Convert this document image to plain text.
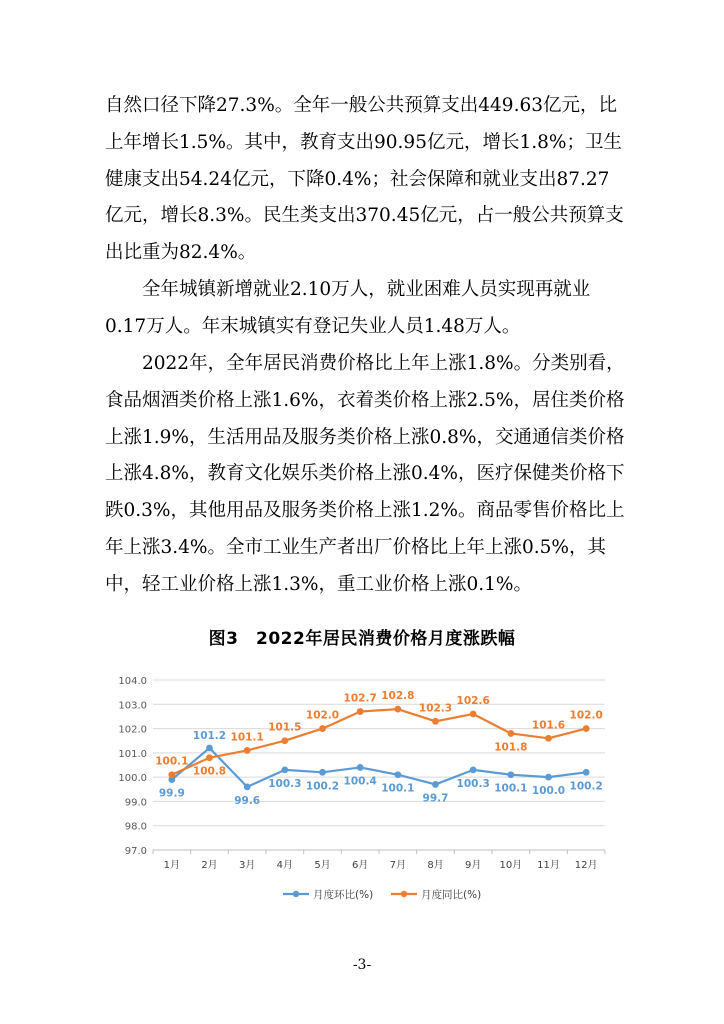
自然口径下降27.3%。全年一般公共预算支出449.63亿元，比上年增长1.5%。其中，教育支出90.95亿元，增长1.8%；卫生健康支出54.24亿元，下降0.4%；社会保障和就业支出87.27亿元，增长8.3%。民生类支出370.45亿元，占一般公共预算支出比重为82.4%。

全年城镇新增就业2.10万人，就业困难人员实现再就业0.17万人。年末城镇实有登记失业人员1.48万人。

2022年，全年居民消费价格比上年上涨1.8%。分类别看，食品烟酒类价格上涨1.6%，衣着类价格上涨2.5%，居住类价格上涨1.9%，生活用品及服务类价格上涨0.8%，交通通信类价格上涨4.8%，教育文化娱乐类价格上涨0.4%，医疗保健类价格下跌0.3%，其他用品及服务类价格上涨1.2%。商品零售价格比上年上涨3.4%。全市工业生产者出厂价格比上年上涨0.5%，其中，轻工业价格上涨1.3%，重工业价格上涨0.1%。

图3　2022年居民消费价格月度涨跌幅
97.0
98.0
99.0
100.0
101.0
102.0
103.0
104.0
1月 2月 3月 4月 5月 6月 7月 8月 9月 10月 11月 12月
99.9
101.2
99.6
100.3 100.2 100.4
100.1
99.7
100.3 100.1 100.0 100.2
100.1
100.8
101.1
101.5
102.0
102.7 102.8
102.3
102.6
101.8
101.6
102.0
月度环比(%)	月度同比(%)
-3-
